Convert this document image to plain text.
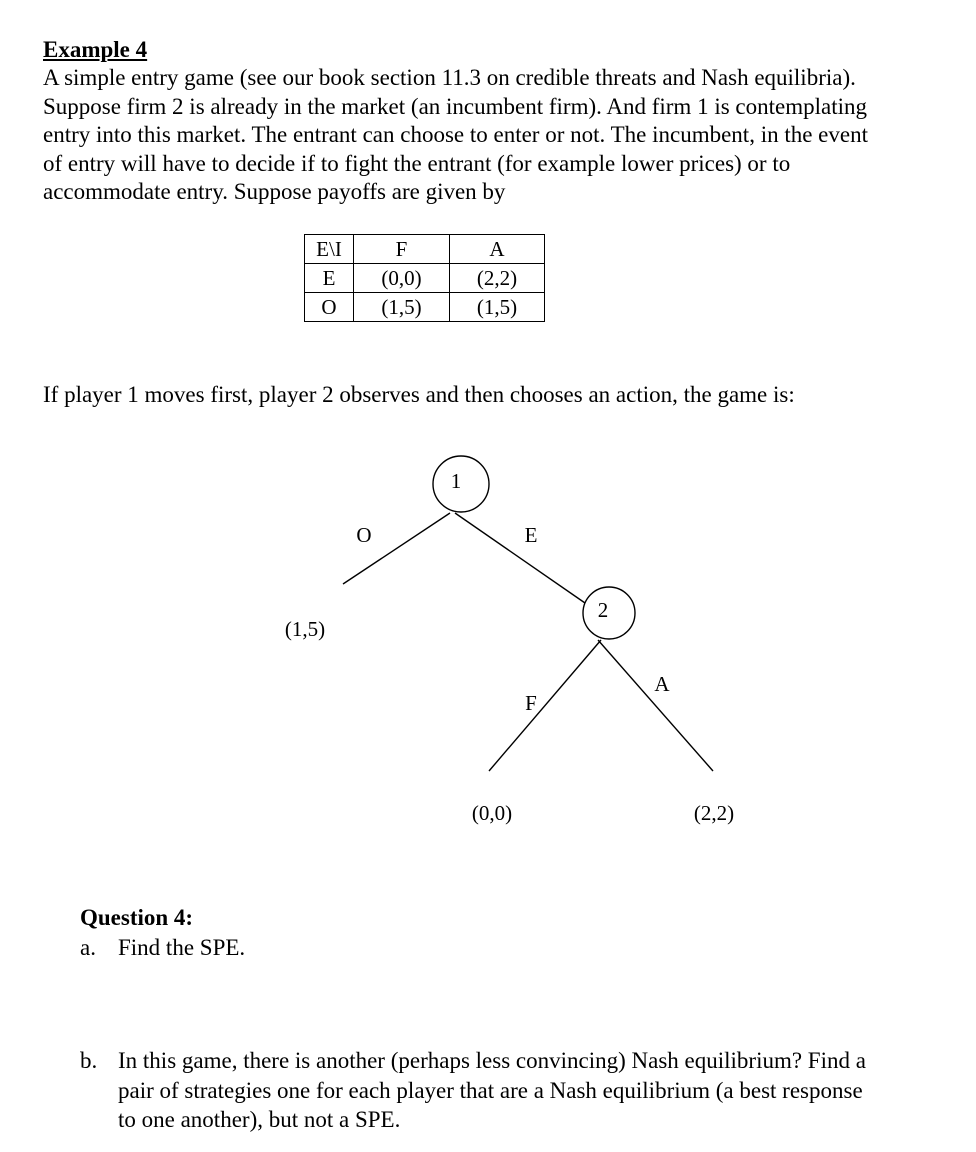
Example 4
A simple entry game (see our book section 11.3 on credible threats and Nash equilibria).
Suppose firm 2 is already in the market (an incumbent firm). And firm 1 is contemplating
entry into this market. The entrant can choose to enter or not. The incumbent, in the event
of entry will have to decide if to fight the entrant (for example lower prices) or to
accommodate entry. Suppose payoffs are given by
E\I	F	A
E	(0,0)	(2,2)
O	(1,5)	(1,5)
If player 1 moves first, player 2 observes and then chooses an action, the game is:
1
O	E
(1,5)
2
F
A
(0,0)	(2,2)
Question 4:
a. Find the SPE.
b. In this game, there is another (perhaps less convincing) Nash equilibrium? Find a
pair of strategies one for each player that are a Nash equilibrium (a best response
to one another), but not a SPE.
